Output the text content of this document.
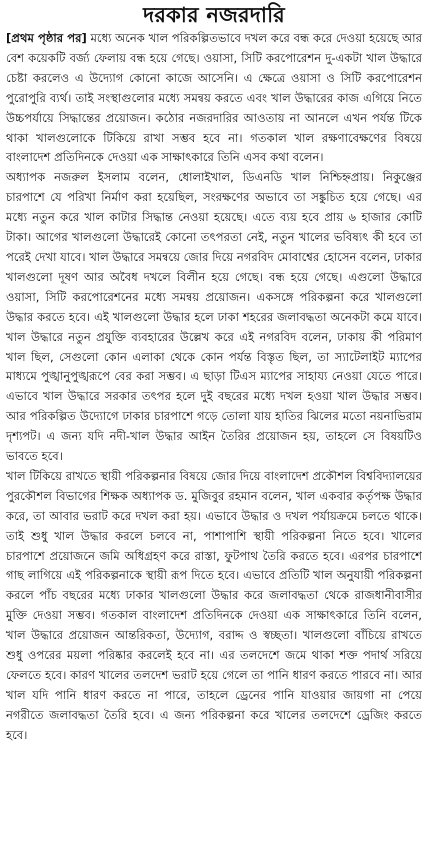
দরকার নজরদারি

[প্রথম পৃষ্ঠার পর] মধ্যে অনেক খাল পরিকল্পিতভাবে দখল করে বন্ধ করে দেওয়া হয়েছে আর বেশ কয়েকটি বর্জ্য ফেলায় বন্ধ হয়ে গেছে। ওয়াসা, সিটি করপোরেশন দু-একটা খাল উদ্ধারে চেষ্টা করলেও এ উদ্যোগ কোনো কাজে আসেনি। এ ক্ষেত্রে ওয়াসা ও সিটি করপোরেশন পুরোপুরি ব্যর্থ। তাই সংস্থাগুলোর মধ্যে সমন্বয় করতে এবং খাল উদ্ধারের কাজ এগিয়ে নিতে উচ্চপর্যায়ে সিদ্ধান্তের প্রয়োজন। কঠোর নজরদারির আওতায় না আনলে এখন পর্যন্ত টিকে থাকা খালগুলোকে টিকিয়ে রাখা সম্ভব হবে না। গতকাল খাল রক্ষণাবেক্ষণের বিষয়ে বাংলাদেশ প্রতিদিনকে দেওয়া এক সাক্ষাৎকারে তিনি এসব কথা বলেন।

অধ্যাপক নজরুল ইসলাম বলেন, ধোলাইখাল, ডিএনডি খাল নিশ্চিহ্নপ্রায়। নিকুঞ্জের চারপাশে যে পরিখা নির্মাণ করা হয়েছিল, সংরক্ষণের অভাবে তা সঙ্কুচিত হয়ে গেছে। এর মধ্যে নতুন করে খাল কাটার সিদ্ধান্ত নেওয়া হয়েছে। এতে ব্যয় হবে প্রায় ৬ হাজার কোটি টাকা। আগের খালগুলো উদ্ধারেই কোনো তৎপরতা নেই, নতুন খালের ভবিষ্যৎ কী হবে তা পরেই দেখা যাবে। খাল উদ্ধারে সমন্বয়ে জোর দিয়ে নগরবিদ মোবাশ্বের হোসেন বলেন, ঢাকার খালগুলো দূষণ আর অবৈধ দখলে বিলীন হয়ে গেছে। বন্ধ হয়ে গেছে। এগুলো উদ্ধারে ওয়াসা, সিটি করপোরেশনের মধ্যে সমন্বয় প্রয়োজন। একসঙ্গে পরিকল্পনা করে খালগুলো উদ্ধার করতে হবে। এই খালগুলো উদ্ধার হলে ঢাকা শহরের জলাবদ্ধতা অনেকটা কমে যাবে। খাল উদ্ধারে নতুন প্রযুক্তি ব্যবহারের উল্লেখ করে এই নগরবিদ বলেন, ঢাকায় কী পরিমাণ খাল ছিল, সেগুলো কোন এলাকা থেকে কোন পর্যন্ত বিস্তৃত ছিল, তা স্যাটেলাইট ম্যাপের মাধ্যমে পুঙ্খানুপুঙ্খরূপে বের করা সম্ভব। এ ছাড়া টিএস ম্যাপের সাহায্য নেওয়া যেতে পারে। এভাবে খাল উদ্ধারে সরকার তৎপর হলে দুই বছরের মধ্যে দখল হওয়া খাল উদ্ধার সম্ভব। আর পরিকল্পিত উদ্যোগে ঢাকার চারপাশে গড়ে তোলা যায় হাতির ঝিলের মতো নয়নাভিরাম দৃশ্যপট। এ জন্য যদি নদী-খাল উদ্ধার আইন তৈরির প্রয়োজন হয়, তাহলে সে বিষয়টিও ভাবতে হবে।

খাল টিকিয়ে রাখতে স্থায়ী পরিকল্পনার বিষয়ে জোর দিয়ে বাংলাদেশ প্রকৌশল বিশ্ববিদ্যালয়ের পুরকৌশল বিভাগের শিক্ষক অধ্যাপক ড. মুজিবুর রহমান বলেন, খাল একবার কর্তৃপক্ষ উদ্ধার করে, তা আবার ভরাট করে দখল করা হয়। এভাবে উদ্ধার ও দখল পর্যায়ক্রমে চলতে থাকে। তাই শুধু খাল উদ্ধার করলে চলবে না, পাশাপাশি স্থায়ী পরিকল্পনা নিতে হবে। খালের চারপাশে প্রয়োজনে জমি অধিগ্রহণ করে রাস্তা, ফুটপাথ তৈরি করতে হবে। এরপর চারপাশে গাছ লাগিয়ে এই পরিকল্পনাকে স্থায়ী রূপ দিতে হবে। এভাবে প্রতিটি খাল অনুযায়ী পরিকল্পনা করলে পাঁচ বছরের মধ্যে ঢাকার খালগুলো উদ্ধার করে জলাবদ্ধতা থেকে রাজধানীবাসীর মুক্তি দেওয়া সম্ভব। গতকাল বাংলাদেশ প্রতিদিনকে দেওয়া এক সাক্ষাৎকারে তিনি বলেন, খাল উদ্ধারে প্রয়োজন আন্তরিকতা, উদ্যোগ, বরাদ্দ ও স্বচ্ছতা। খালগুলো বাঁচিয়ে রাখতে শুধু ওপরের ময়লা পরিষ্কার করলেই হবে না। এর তলদেশে জমে থাকা শক্ত পদার্থ সরিয়ে ফেলতে হবে। কারণ খালের তলদেশ ভরাট হয়ে গেলে তা পানি ধারণ করতে পারবে না। আর খাল যদি পানি ধারণ করতে না পারে, তাহলে ড্রেনের পানি যাওয়ার জায়গা না পেয়ে নগরীতে জলাবদ্ধতা তৈরি হবে। এ জন্য পরিকল্পনা করে খালের তলদেশে ড্রেজিং করতে হবে।
